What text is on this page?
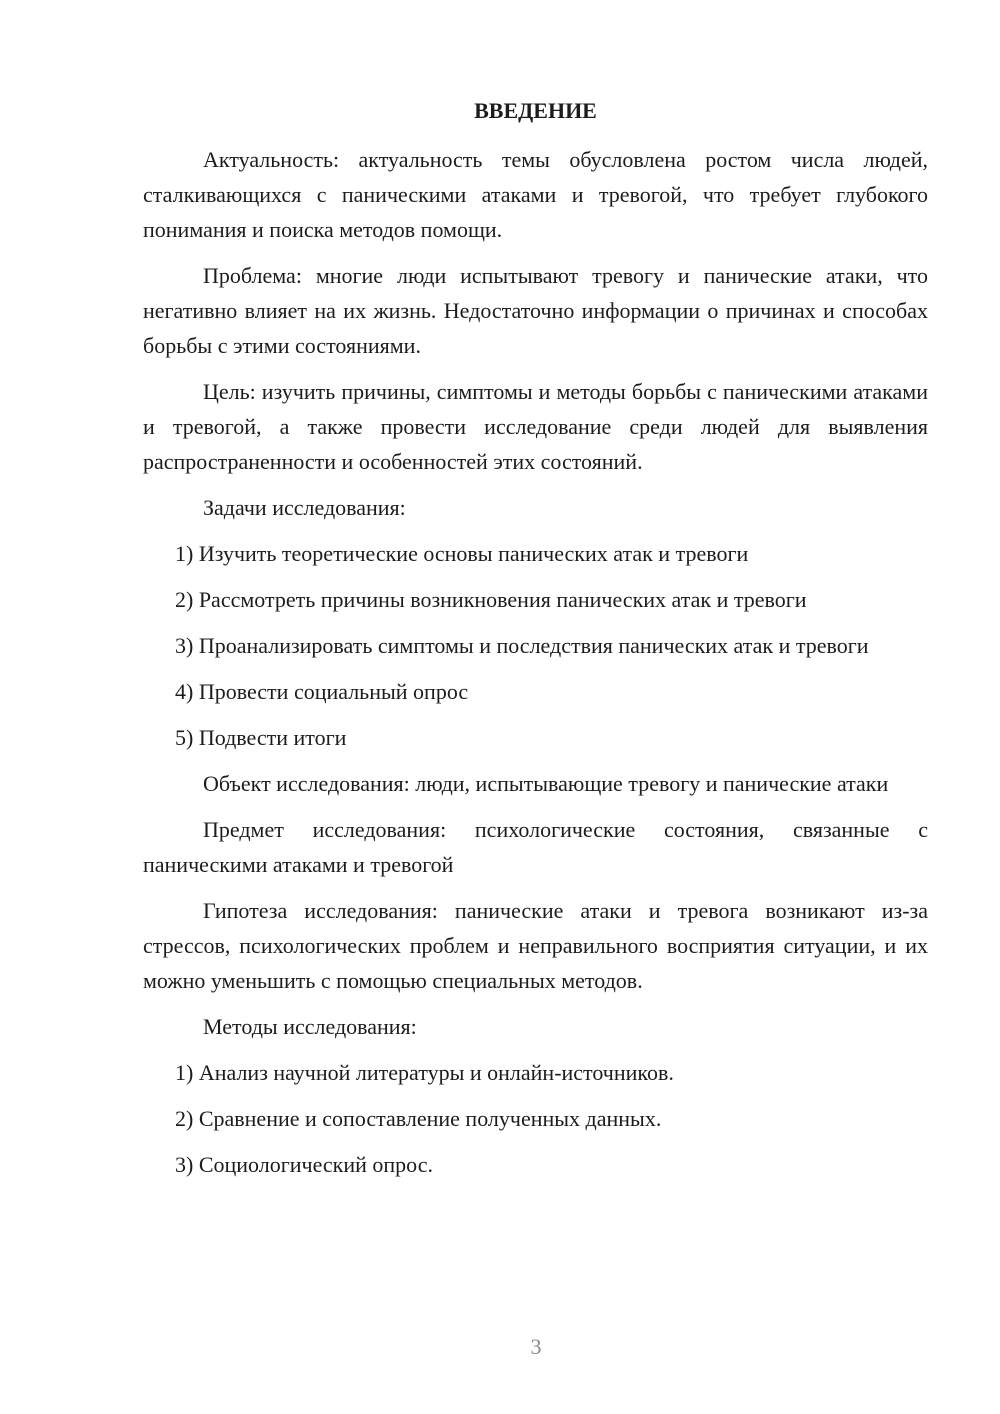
ВВЕДЕНИЕ

Актуальность: актуальность темы обусловлена ростом числа людей, сталкивающихся с паническими атаками и тревогой, что требует глубокого понимания и поиска методов помощи.

Проблема: многие люди испытывают тревогу и панические атаки, что негативно влияет на их жизнь. Недостаточно информации о причинах и способах борьбы с этими состояниями.

Цель: изучить причины, симптомы и методы борьбы с паническими атаками и тревогой, а также провести исследование среди людей для выявления распространенности и особенностей этих состояний.

Задачи исследования:

1) Изучить теоретические основы панических атак и тревоги

2) Рассмотреть причины возникновения панических атак и тревоги

3) Проанализировать симптомы и последствия панических атак и тревоги

4) Провести социальный опрос

5) Подвести итоги

Объект исследования: люди, испытывающие тревогу и панические атаки

Предмет исследования: психологические состояния, связанные с паническими атаками и тревогой

Гипотеза исследования: панические атаки и тревога возникают из-за стрессов, психологических проблем и неправильного восприятия ситуации, и их можно уменьшить с помощью специальных методов.

Методы исследования:

1) Анализ научной литературы и онлайн-источников.

2) Сравнение и сопоставление полученных данных.

3) Социологический опрос.

3
